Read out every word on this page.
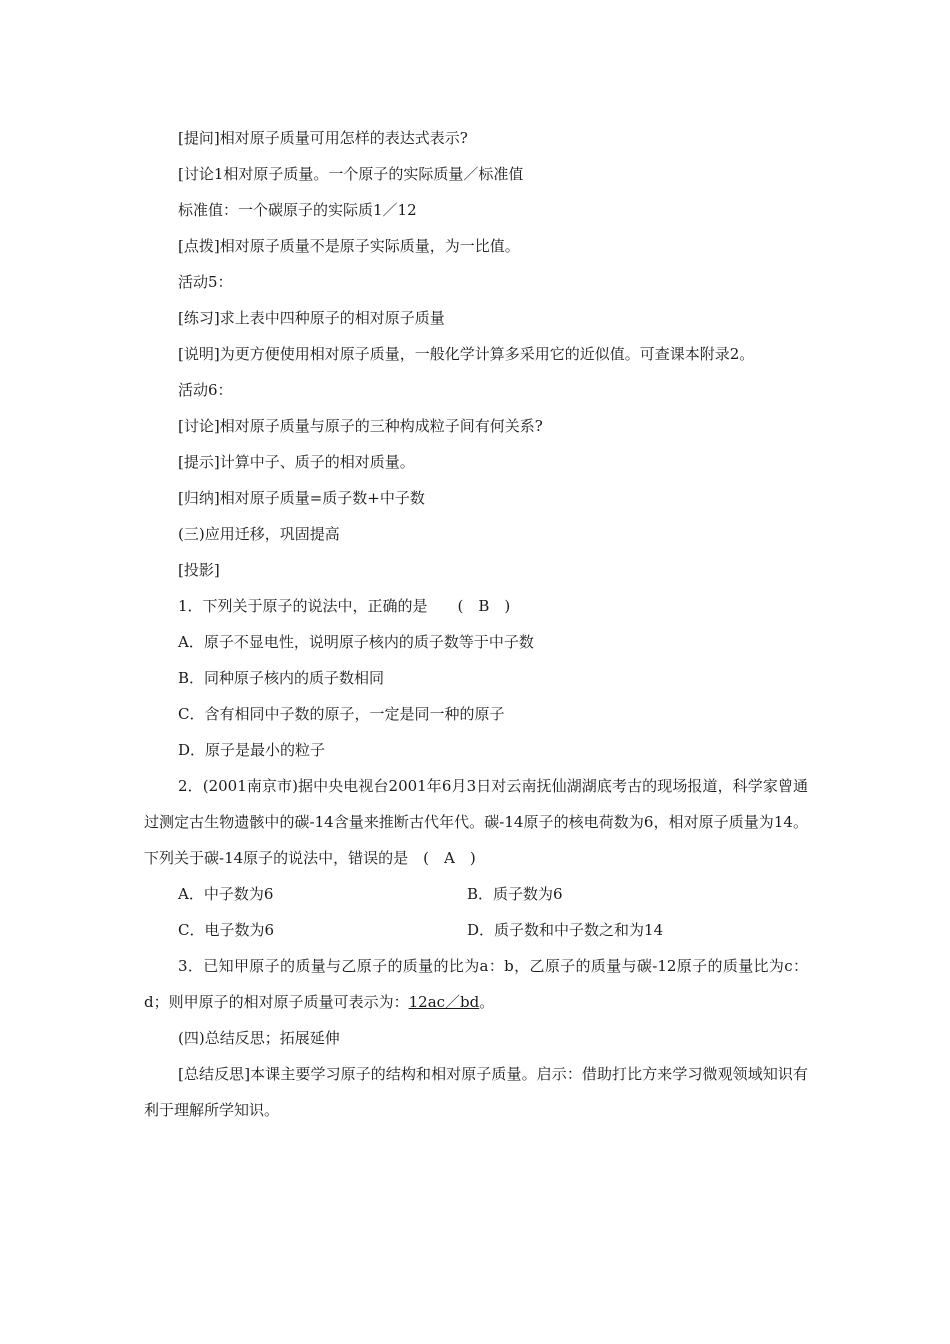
[提问]相对原子质量可用怎样的表达式表示?

[讨论1相对原子质量。一个原子的实际质量／标准值

标准值：一个碳原子的实际质1／12

[点拨]相对原子质量不是原子实际质量，为一比值。

活动5：

[练习]求上表中四种原子的相对原子质量

[说明]为更方便使用相对原子质量，一般化学计算多采用它的近似值。可查课本附录2。

活动6：

[讨论]相对原子质量与原子的三种构成粒子间有何关系?

[提示]计算中子、质子的相对质量。

[归纳]相对原子质量=质子数+中子数

(三)应用迁移，巩固提高

[投影]

1．下列关于原子的说法中，正确的是　　(　B　)

A．原子不显电性，说明原子核内的质子数等于中子数

B．同种原子核内的质子数相同

C．含有相同中子数的原子，一定是同一种的原子

D．原子是最小的粒子

2．(2001南京市)据中央电视台2001年6月3日对云南抚仙湖湖底考古的现场报道，科学家曾通过测定古生物遗骸中的碳-14含量来推断古代年代。碳-14原子的核电荷数为6，相对原子质量为14。下列关于碳-14原子的说法中，错误的是　(　A　)

A．中子数为6	B．质子数为6
C．电子数为6	D．质子数和中子数之和为14

3．已知甲原子的质量与乙原子的质量的比为a：b，乙原子的质量与碳-12原子的质量比为c：d；则甲原子的相对原子质量可表示为：12ac／bd。

(四)总结反思；拓展延伸

[总结反思]本课主要学习原子的结构和相对原子质量。启示：借助打比方来学习微观领域知识有利于理解所学知识。
